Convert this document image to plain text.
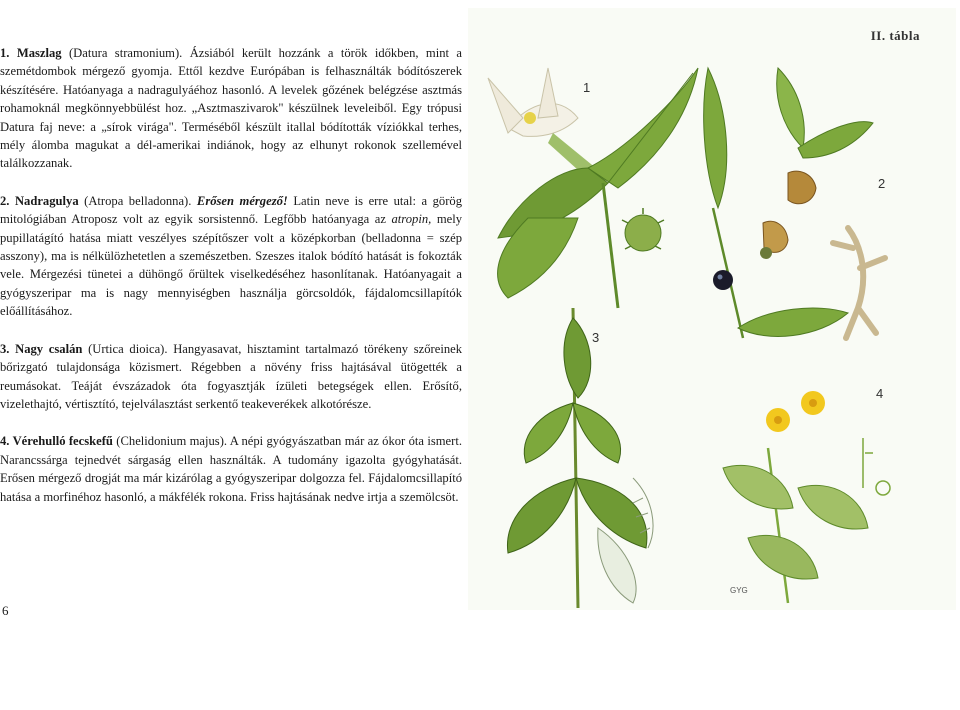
1. Maszlag (Datura stramonium). Ázsiából került hozzánk a török időkben, mint a szemétdombok mérgező gyomja. Ettől kezdve Európában is felhasználták bódítószerek készítésére. Hatóanyaga a nadragulyáéhoz hasonló. A levelek gőzének belégzése asztmás rohamoknál megkönnyebbülést hoz. „Asztmaszivarok" készülnek leveleiből. Egy trópusi Datura faj neve: a „sírok virága". Terméséből készült itallal bódították víziókkal terhes, mély álomba magukat a dél-amerikai indiánok, hogy az elhunyt rokonok szellemével találkozzanak.

2. Nadragulya (Atropa belladonna). Erősen mérgező! Latin neve is erre utal: a görög mitológiában Atroposz volt az egyik sorsistennő. Legfőbb hatóanyaga az atropin, mely pupillatágító hatása miatt veszélyes szépítőszer volt a középkorban (belladonna = szép asszony), ma is nélkülözhetetlen a szemészetben. Szeszes italok bódító hatását is fokozták vele. Mérgezési tünetei a dühöngő őrültek viselkedéséhez hasonlítanak. Hatóanyagait a gyógyszeripar ma is nagy mennyiségben használja görcsoldók, fájdalomcsillapítók előállításához.

3. Nagy csalán (Urtica dioica). Hangyasavat, hisztamint tartalmazó törékeny szőreinek bőrizgató tulajdonsága közismert. Régebben a növény friss hajtásával ütögették a reumásokat. Teáját évszázadok óta fogyasztják ízületi betegségek ellen. Erősítő, vizelethajtó, vértisztító, tejelválasztást serkentő teakeverékek alkotórésze.

4. Vérehulló fecskefű (Chelidonium majus). A népi gyógyászatban már az ókor óta ismert. Narancssárga tejnedvét sárgaság ellen használták. A tudomány igazolta gyógyhatását. Erősen mérgező drogját ma már kizárólag a gyógyszeripar dolgozza fel. Fájdalomcsillapító hatása a morfinéhoz hasonló, a mákfélék rokona. Friss hajtásának nedve irtja a szemölcsöt.

6
II. tábla
1
2
3
4
GYG
